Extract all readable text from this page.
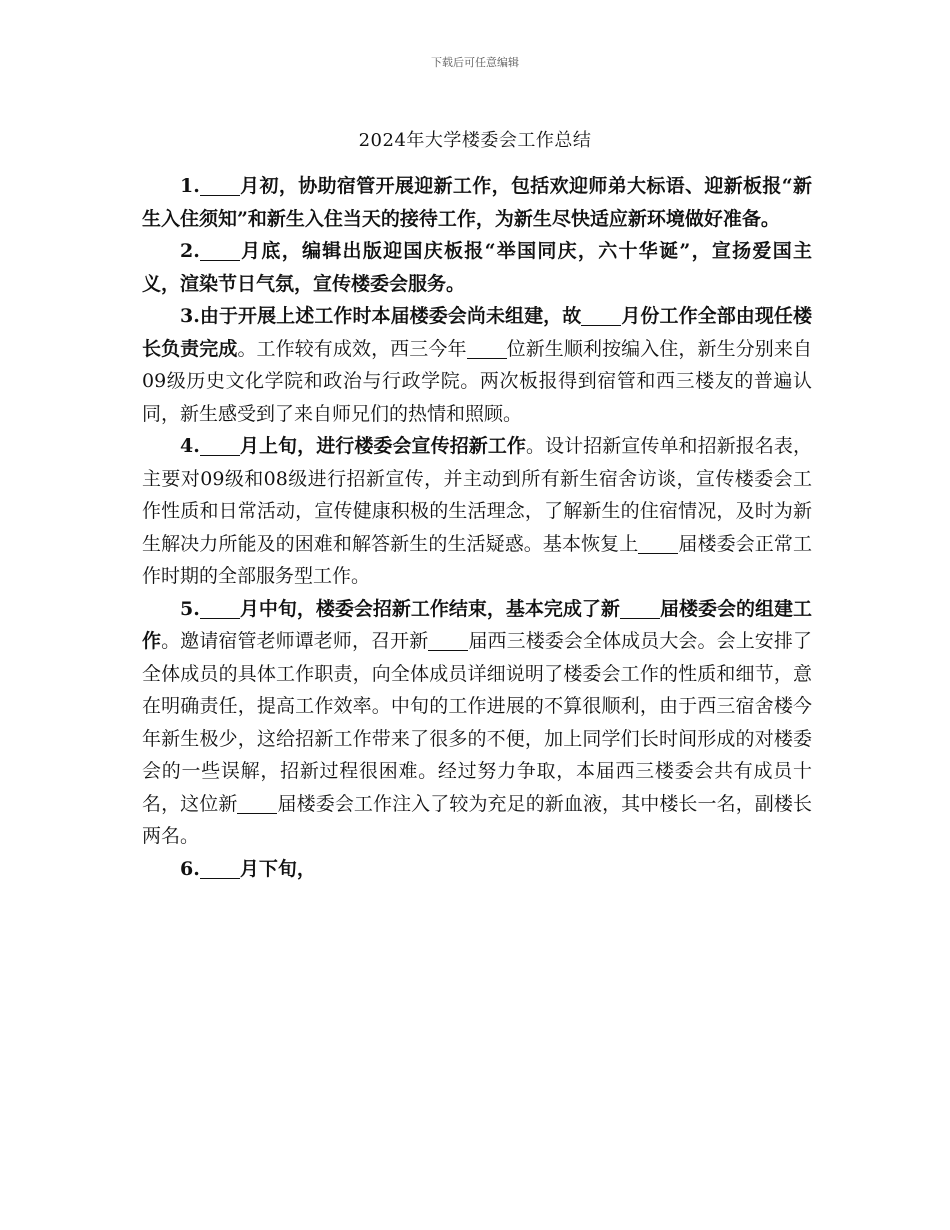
下载后可任意编辑
2024年大学楼委会工作总结

1. 月初，协助宿管开展迎新工作，包括欢迎师弟大标语、迎新板报“新生入住须知”和新生入住当天的接待工作，为新生尽快适应新环境做好准备。

2. 月底，编辑出版迎国庆板报“举国同庆，六十华诞”，宣扬爱国主义，渲染节日气氛，宣传楼委会服务。

3.由于开展上述工作时本届楼委会尚未组建，故 月份工作全部由现任楼长负责完成。工作较有成效，西三今年 位新生顺利按编入住，新生分别来自09级历史文化学院和政治与行政学院。两次板报得到宿管和西三楼友的普遍认同，新生感受到了来自师兄们的热情和照顾。

4. 月上旬，进行楼委会宣传招新工作。设计招新宣传单和招新报名表，主要对09级和08级进行招新宣传，并主动到所有新生宿舍访谈，宣传楼委会工作性质和日常活动，宣传健康积极的生活理念，了解新生的住宿情况，及时为新生解决力所能及的困难和解答新生的生活疑惑。基本恢复上 届楼委会正常工作时期的全部服务型工作。

5. 月中旬，楼委会招新工作结束，基本完成了新 届楼委会的组建工作。邀请宿管老师谭老师，召开新 届西三楼委会全体成员大会。会上安排了全体成员的具体工作职责，向全体成员详细说明了楼委会工作的性质和细节，意在明确责任，提高工作效率。中旬的工作进展的不算很顺利，由于西三宿舍楼今年新生极少，这给招新工作带来了很多的不便，加上同学们长时间形成的对楼委会的一些误解，招新过程很困难。经过努力争取，本届西三楼委会共有成员十名，这位新 届楼委会工作注入了较为充足的新血液，其中楼长一名，副楼长两名。

6. 月下旬，
